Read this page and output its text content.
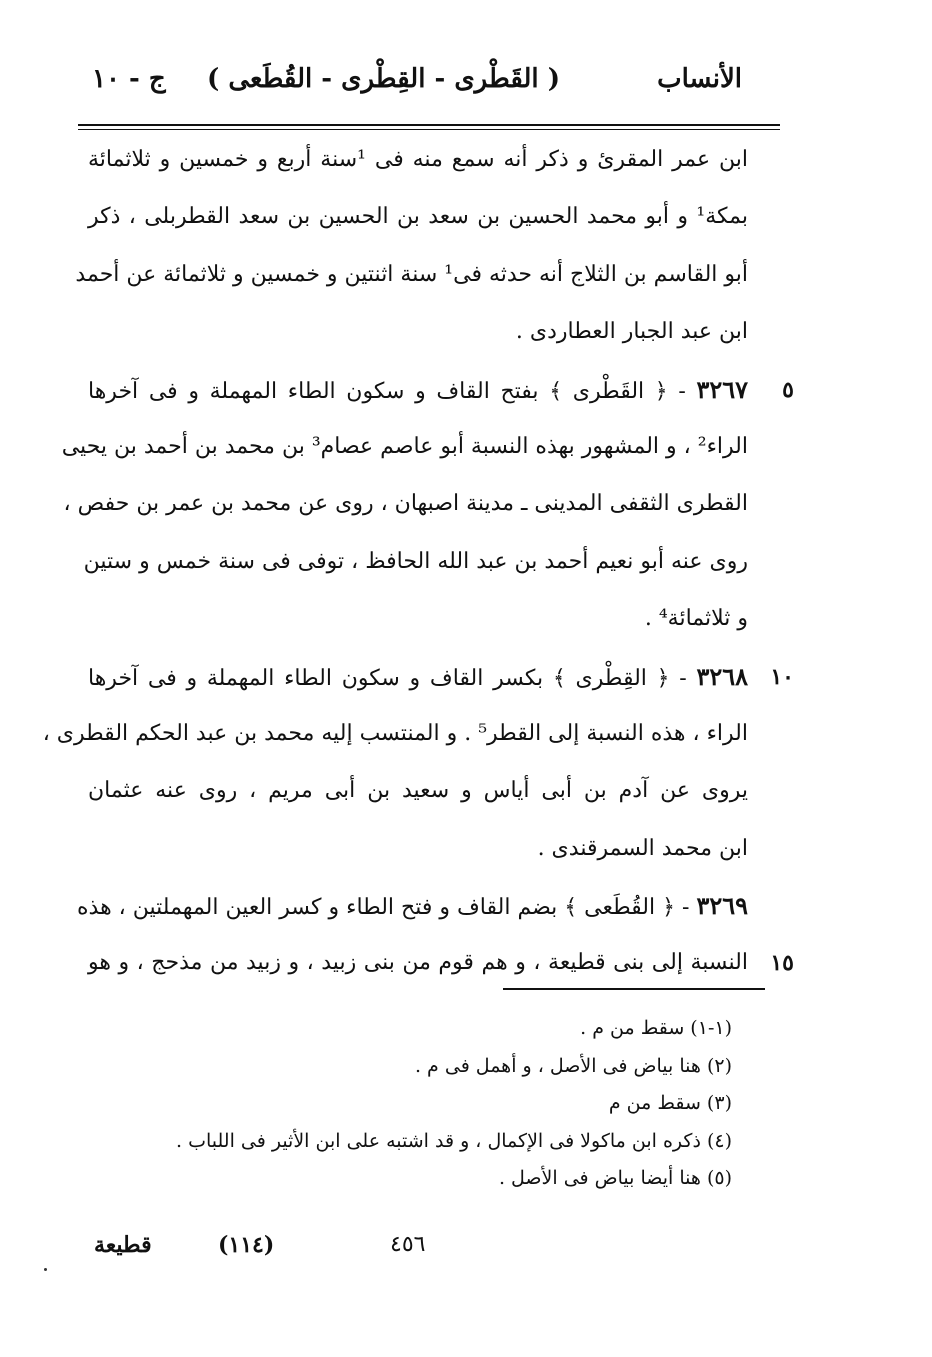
الأنساب
( القَطْرى - القِطْرى - القُطَعى )
ج - ١٠
ابن عمر المقرئ و ذكر أنه سمع منه فى ¹سنة أربع و خمسين و ثلاثمائة
بمكة¹ و أبو محمد الحسين بن سعد بن الحسين بن سعد القطربلى ، ذكر
أبو القاسم بن الثلاج أنه حدثه فى¹ سنة اثنتين و خمسين و ثلاثمائة عن أحمد
ابن عبد الجبار العطاردى .
٥
٣٢٦٧ - ﴿ القَطْرى ﴾ بفتح القاف و سكون الطاء المهملة و فى آخرها
الراء² ، و المشهور بهذه النسبة أبو عاصم عصام³ بن محمد بن أحمد بن يحيى
القطرى الثقفى المدينى ـ مدينة اصبهان ، روى عن محمد بن عمر بن حفص ،
روى عنه أبو نعيم أحمد بن عبد الله الحافظ ، توفى فى سنة خمس و ستين
و ثلاثمائة⁴ .
١٠
٣٢٦٨ - ﴿ القِطْرى ﴾ بكسر القاف و سكون الطاء المهملة و فى آخرها
الراء ، هذه النسبة إلى القطر⁵ . و المنتسب إليه محمد بن عبد الحكم القطرى ،
يروى عن آدم بن أبى أياس و سعيد بن أبى مريم ، روى عنه عثمان
ابن محمد السمرقندى .
٣٢٦٩ - ﴿ القُطَعى ﴾ بضم القاف و فتح الطاء و كسر العين المهملتين ، هذه
١٥
النسبة إلى بنى قطيعة ، و هم قوم من بنى زبيد ، و زبيد من مذحج ، و هو
(١-١) سقط من م .
(٢) هنا بياض فى الأصل ، و أهمل فى م .
(٣) سقط من م
(٤) ذكره ابن ماكولا فى الإكمال ، و قد اشتبه على ابن الأثير فى اللباب .
(٥) هنا أيضا بياض فى الأصل .
قطيعة	(١١٤)	٤٥٦
